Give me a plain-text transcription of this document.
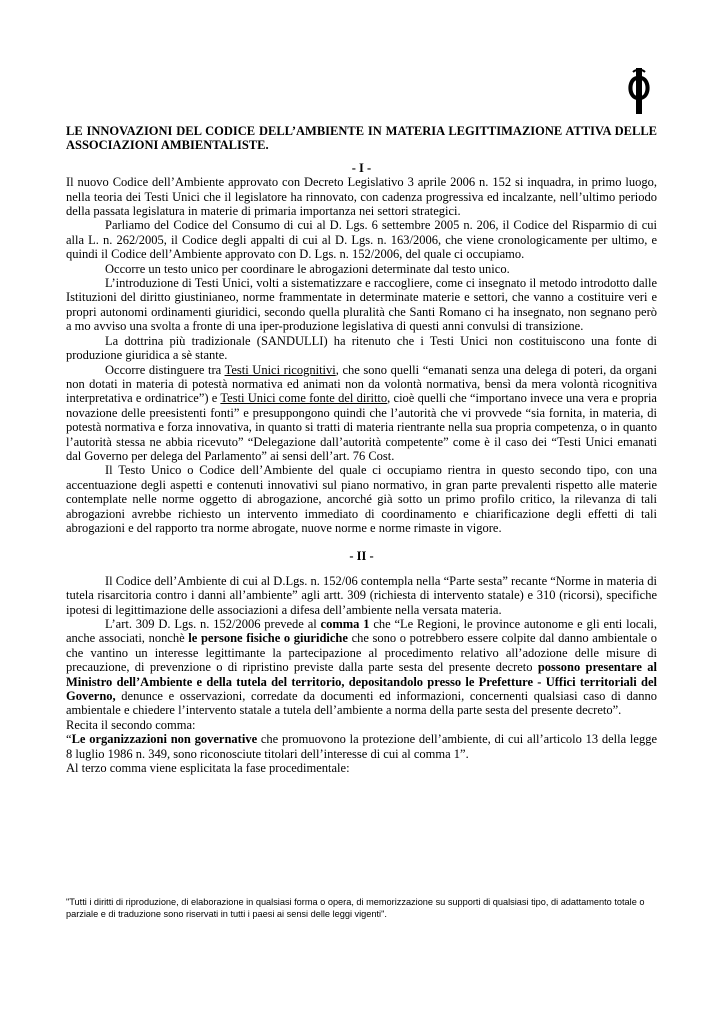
LE INNOVAZIONI DEL CODICE DELL’AMBIENTE IN MATERIA LEGITTIMAZIONE ATTIVA DELLE ASSOCIAZIONI AMBIENTALISTE.

- I -

Il nuovo Codice dell’Ambiente approvato con Decreto Legislativo 3 aprile 2006 n. 152 si inquadra, in primo luogo, nella teoria dei Testi Unici che il legislatore ha rinnovato, con cadenza progressiva ed incalzante, nell’ultimo periodo della passata legislatura in materie di primaria importanza nei settori strategici.

Parliamo del Codice del Consumo di cui al D. Lgs. 6 settembre 2005 n. 206, il Codice del Risparmio di cui alla L. n. 262/2005, il Codice degli appalti di cui al D. Lgs. n. 163/2006, che viene cronologicamente per ultimo, e quindi il Codice dell’Ambiente approvato con D. Lgs. n. 152/2006, del quale ci occupiamo.

Occorre un testo unico per coordinare le abrogazioni determinate dal testo unico.

L’introduzione di Testi Unici, volti a sistematizzare e raccogliere, come ci insegnato il metodo introdotto dalle Istituzioni del diritto giustinianeo, norme frammentate in determinate materie e settori, che vanno a costituire veri e propri autonomi ordinamenti giuridici, secondo quella pluralità che Santi Romano ci ha insegnato, non segnano però a mo avviso una svolta a fronte di una iper-produzione legislativa di questi anni convulsi di transizione.

La dottrina più tradizionale (SANDULLI) ha ritenuto che i Testi Unici non costituiscono una fonte di produzione giuridica a sè stante.

Occorre distinguere tra Testi Unici ricognitivi, che sono quelli “emanati senza una delega di poteri, da organi non dotati in materia di potestà normativa ed animati non da volontà normativa, bensì da mera volontà ricognitiva interpretativa e ordinatrice”) e Testi Unici come fonte del diritto, cioè quelli che “importano invece una vera e propria novazione delle preesistenti fonti” e presuppongono quindi che l’autorità che vi provvede “sia fornita, in materia, di potestà normativa e forza innovativa, in quanto si tratti di materia rientrante nella sua propria competenza, o in quanto l’autorità stessa ne abbia ricevuto” “Delegazione dall’autorità competente” come è il caso dei “Testi Unici emanati dal Governo per delega del Parlamento” ai sensi dell’art. 76 Cost.

Il Testo Unico o Codice dell’Ambiente del quale ci occupiamo rientra in questo secondo tipo, con una accentuazione degli aspetti e contenuti innovativi sul piano normativo, in gran parte prevalenti rispetto alle materie contemplate nelle norme oggetto di abrogazione, ancorché già sotto un primo profilo critico, la rilevanza di tali abrogazioni avrebbe richiesto un intervento immediato di coordinamento e chiarificazione degli effetti di tali abrogazioni e del rapporto tra norme abrogate, nuove norme e norme rimaste in vigore.

- II -

Il Codice dell’Ambiente di cui al D.Lgs. n. 152/06 contempla nella “Parte sesta” recante “Norme in materia di tutela risarcitoria contro i danni all’ambiente” agli artt. 309 (richiesta di intervento statale) e 310 (ricorsi), specifiche ipotesi di legittimazione delle associazioni a difesa dell’ambiente nella versata materia.

L’art. 309 D. Lgs. n. 152/2006 prevede al comma 1 che “Le Regioni, le province autonome e gli enti locali, anche associati, nonchè le persone fisiche o giuridiche che sono o potrebbero essere colpite dal danno ambientale o che vantino un interesse legittimante la partecipazione al procedimento relativo all’adozione delle misure di precauzione, di prevenzione o di ripristino previste dalla parte sesta del presente decreto possono presentare al Ministro dell’Ambiente e della tutela del territorio, depositandolo presso le Prefetture - Uffici territoriali del Governo, denunce e osservazioni, corredate da documenti ed informazioni, concernenti qualsiasi caso di danno ambientale e chiedere l’intervento statale a tutela dell’ambiente a norma della parte sesta del presente decreto”.

Recita il secondo comma:

“Le organizzazioni non governative che promuovono la protezione dell’ambiente, di cui all’articolo 13 della legge 8 luglio 1986 n. 349, sono riconosciute titolari dell’interesse di cui al comma 1”.

Al terzo comma viene esplicitata la fase procedimentale:

"Tutti i diritti di riproduzione, di elaborazione in qualsiasi forma o opera, di memorizzazione su supporti di qualsiasi tipo, di adattamento totale o parziale e di traduzione sono riservati in tutti i paesi ai sensi delle leggi vigenti".
